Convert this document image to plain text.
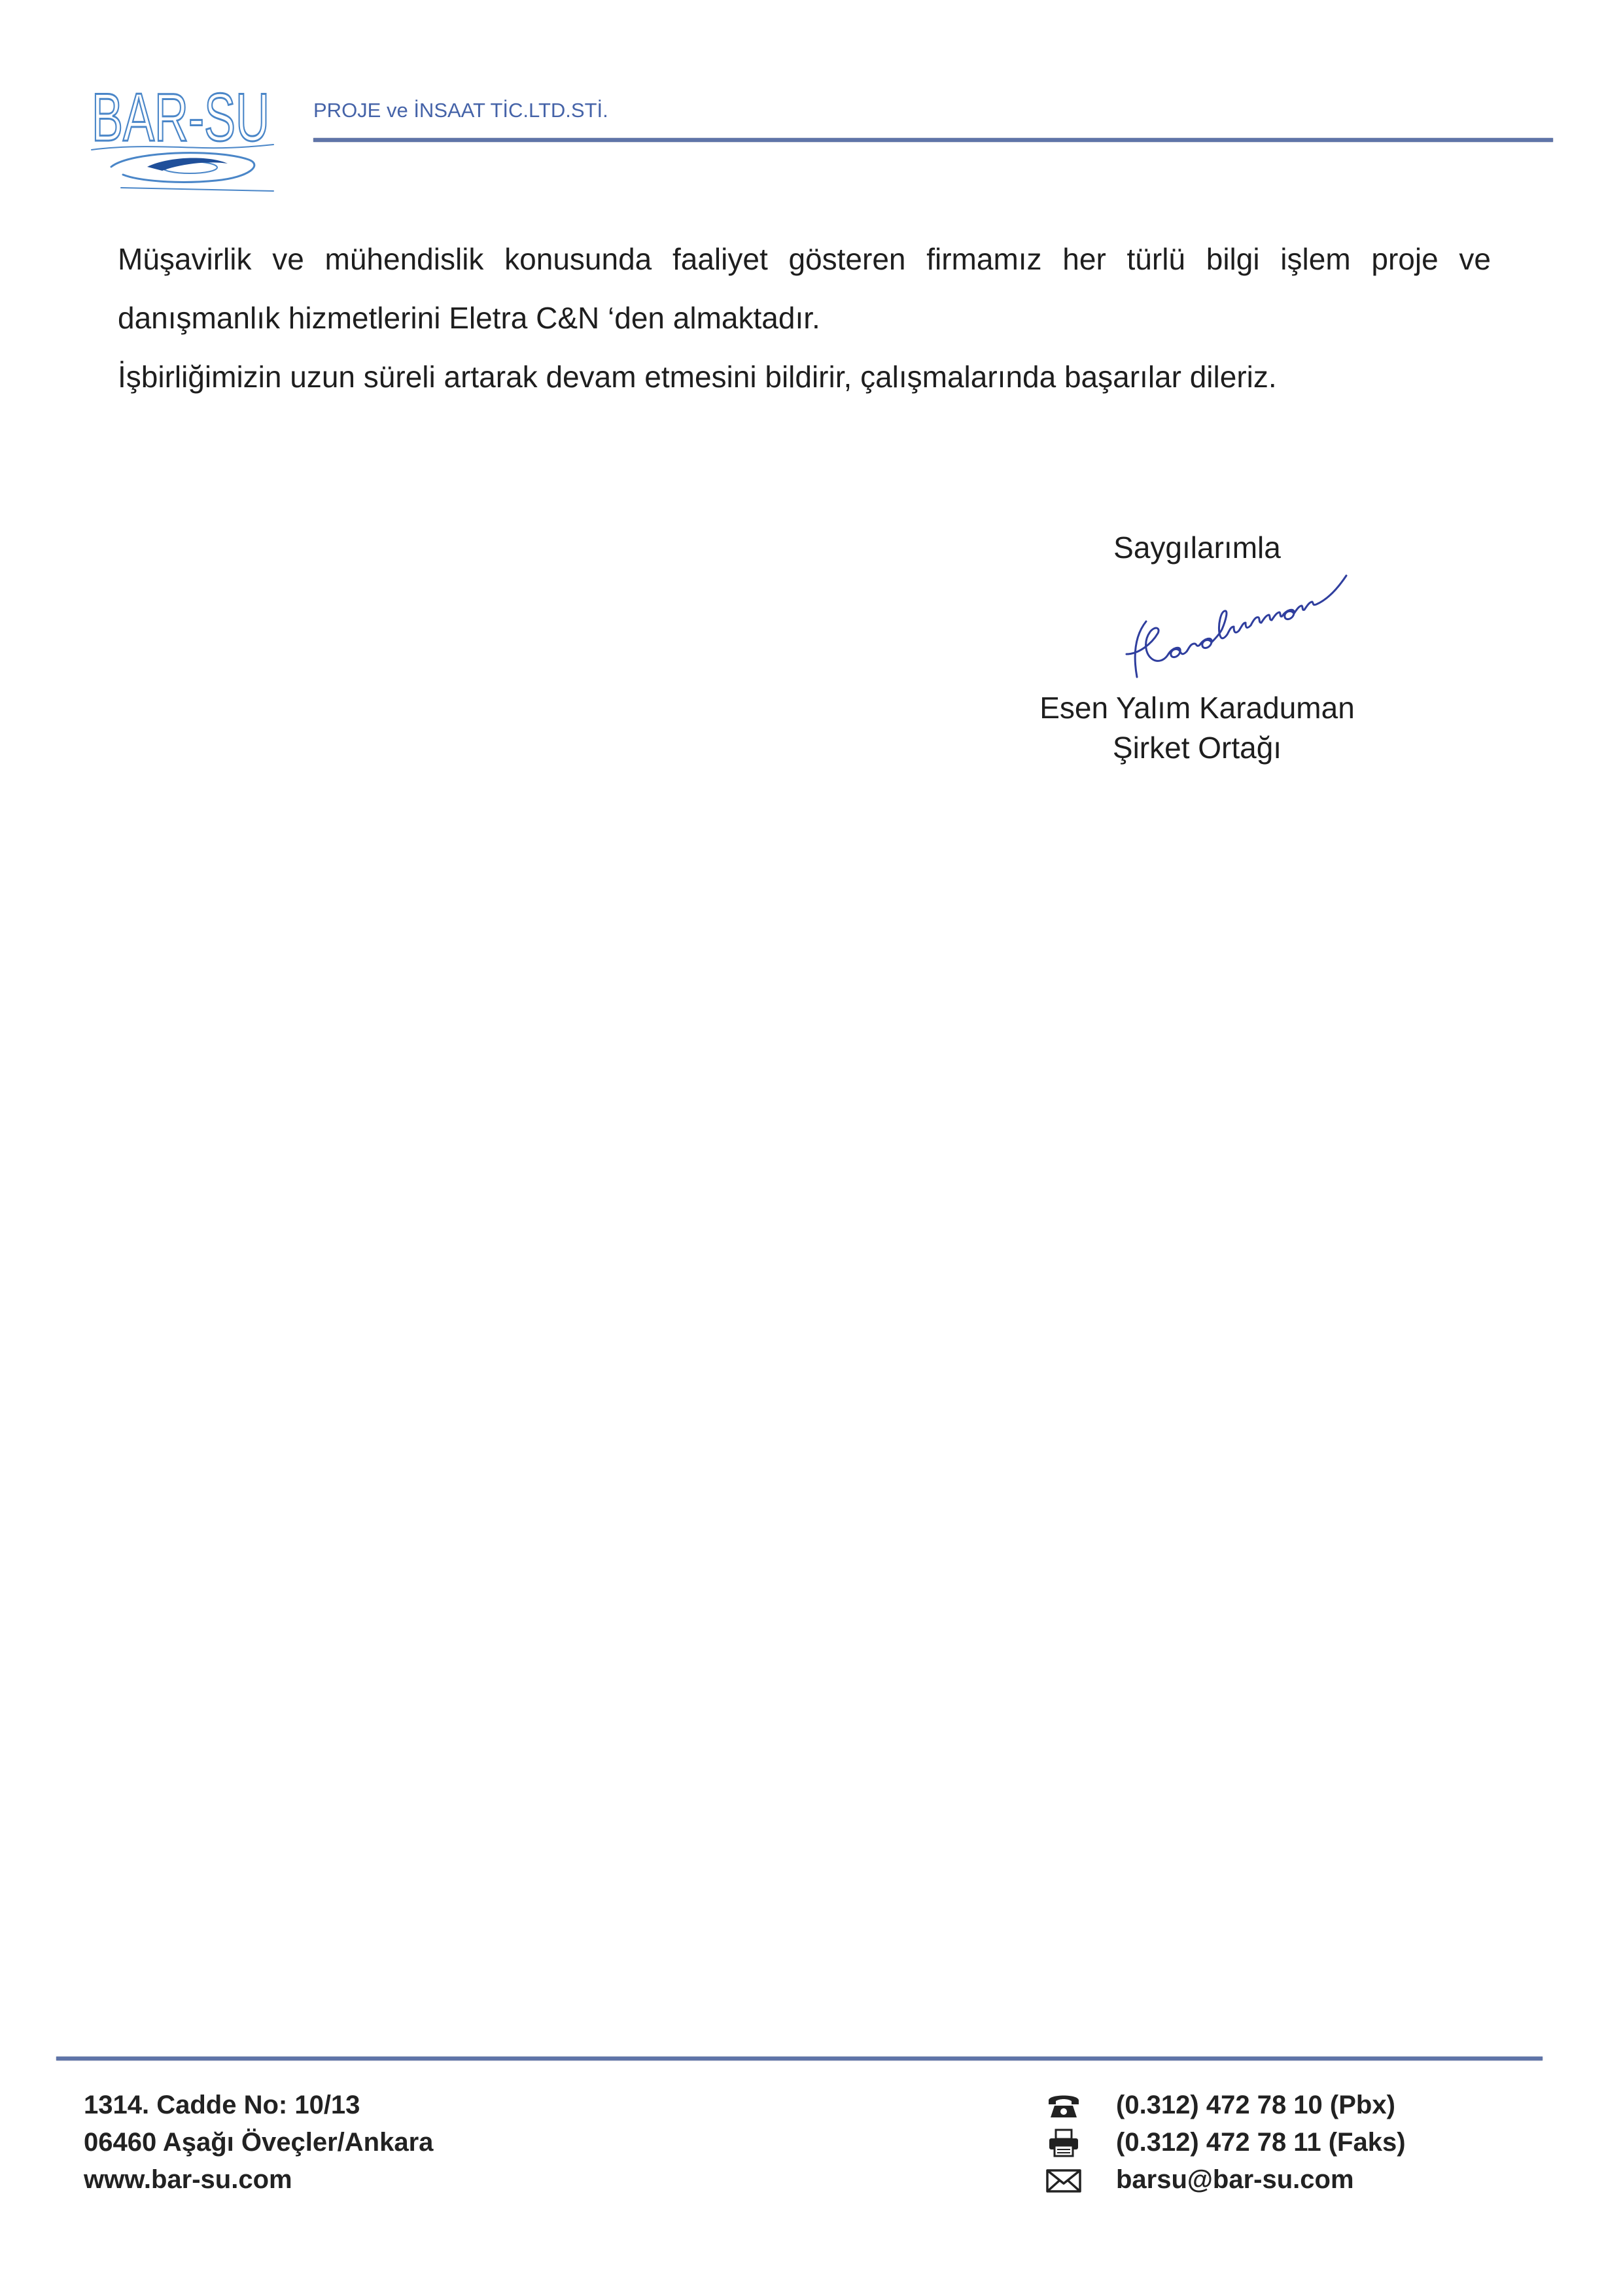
BAR-SU PROJE ve İNSAAT TİC.LTD.STİ.
Müşavirlik ve mühendislik konusunda faaliyet gösteren firmamız her türlü bilgi işlem proje ve
danışmanlık hizmetlerini Eletra C&N ‘den almaktadır.
İşbirliğimizin uzun süreli artarak devam etmesini bildirir, çalışmalarında başarılar dileriz.
Saygılarımla
Esen Yalım Karaduman
Şirket Ortağı
1314. Cadde No: 10/13
06460 Aşağı Öveçler/Ankara
www.bar-su.com
(0.312) 472 78 10 (Pbx)
(0.312) 472 78 11 (Faks)
barsu@bar-su.com
